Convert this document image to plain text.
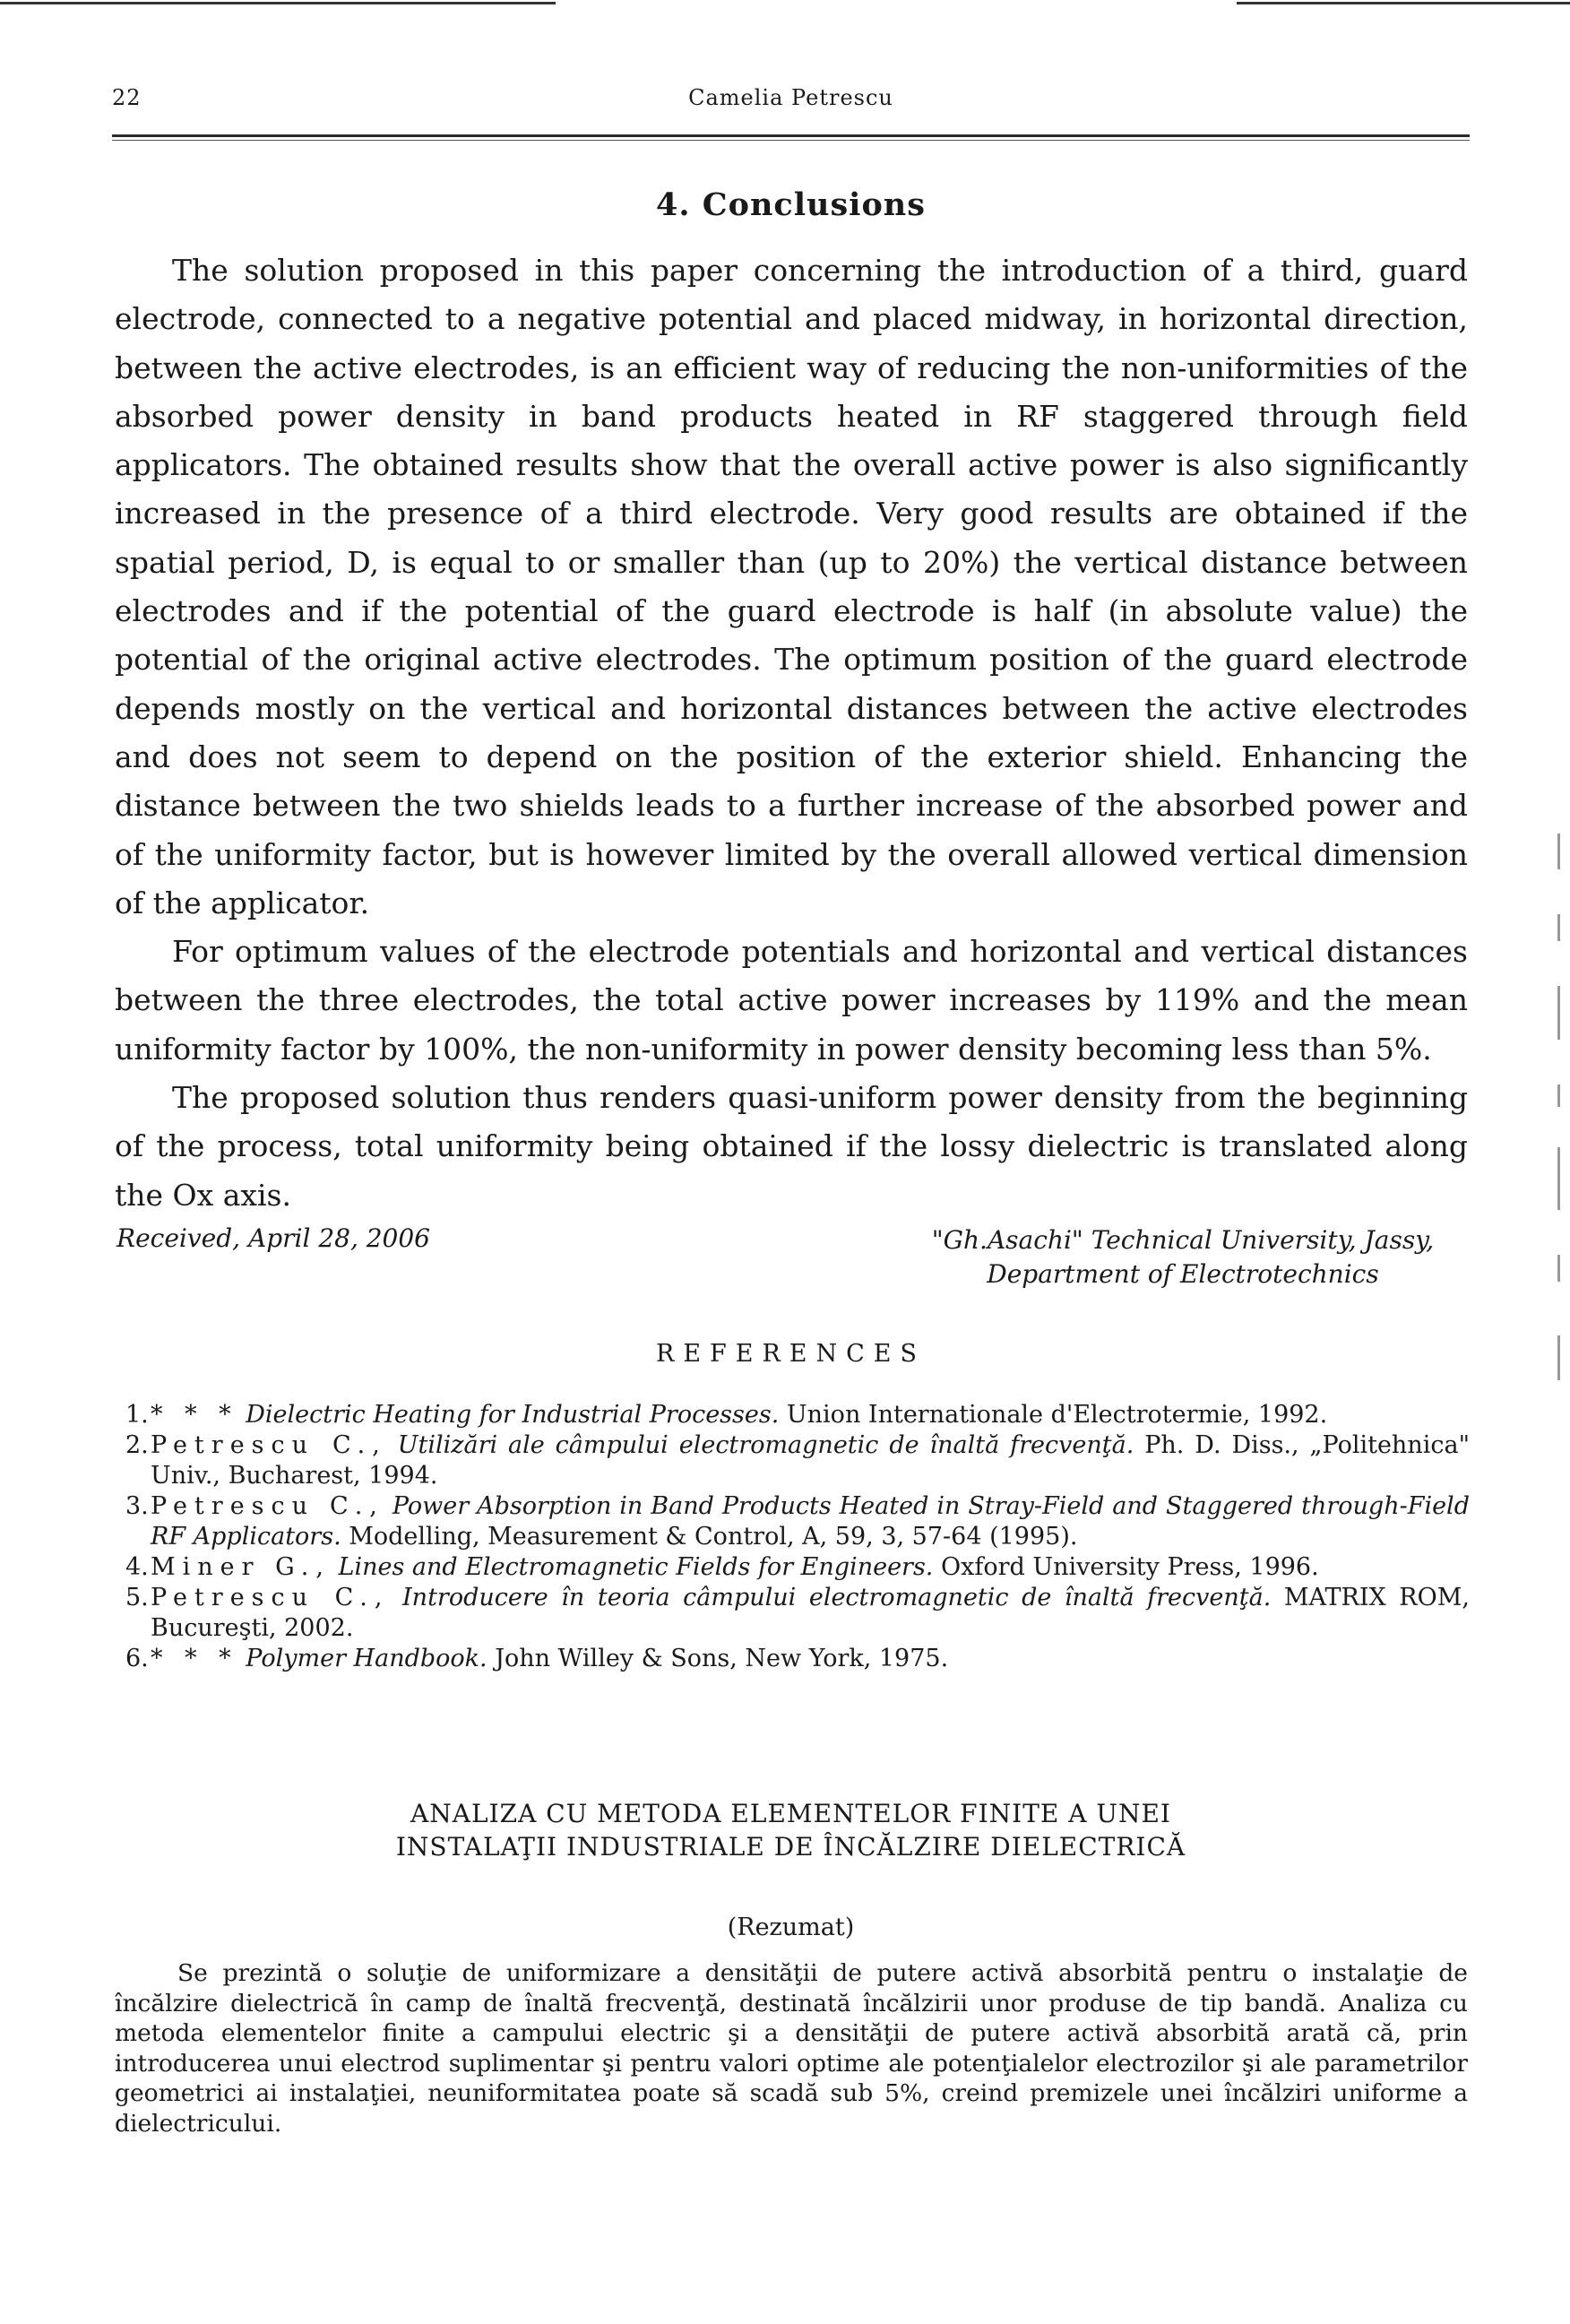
22	Camelia Petrescu
4. Conclusions

The solution proposed in this paper concerning the introduction of a third, guard electrode, connected to a negative potential and placed midway, in horizontal direction, between the active electrodes, is an efficient way of reducing the non-uniformities of the absorbed power density in band products heated in RF staggered through field applicators. The obtained results show that the overall active power is also significantly increased in the presence of a third electrode. Very good results are obtained if the spatial period, D, is equal to or smaller than (up to 20%) the vertical distance between electrodes and if the potential of the guard electrode is half (in absolute value) the potential of the original active electrodes. The optimum position of the guard electrode depends mostly on the vertical and horizontal distances between the active electrodes and does not seem to depend on the position of the exterior shield. Enhancing the distance between the two shields leads to a further increase of the absorbed power and of the uniformity factor, but is however limited by the overall allowed vertical dimension of the applicator.

For optimum values of the electrode potentials and horizontal and vertical distances between the three electrodes, the total active power increases by 119% and the mean uniformity factor by 100%, the non-uniformity in power density becoming less than 5%.

The proposed solution thus renders quasi-uniform power density from the beginning of the process, total uniformity being obtained if the lossy dielectric is translated along the Ox axis.

Received, April 28, 2006	"Gh.Asachi" Technical University, Jassy,
Department of Electrotechnics
REFERENCES
1. * * * Dielectric Heating for Industrial Processes. Union Internationale d'Electrotermie, 1992.
2. Petrescu C., Utilizări ale câmpului electromagnetic de înaltă frecvenţă. Ph. D. Diss., „Politehnica" Univ., Bucharest, 1994.
3. Petrescu C., Power Absorption in Band Products Heated in Stray-Field and Staggered through-Field RF Applicators. Modelling, Measurement & Control, A, 59, 3, 57-64 (1995).
4. Miner G., Lines and Electromagnetic Fields for Engineers. Oxford University Press, 1996.
5. Petrescu C., Introducere în teoria câmpului electromagnetic de înaltă frecvenţă. MATRIX ROM, Bucureşti, 2002.
6. * * * Polymer Handbook. John Willey & Sons, New York, 1975.
ANALIZA CU METODA ELEMENTELOR FINITE A UNEI
INSTALAŢII INDUSTRIALE DE ÎNCĂLZIRE DIELECTRICĂ
(Rezumat)
Se prezintă o soluţie de uniformizare a densităţii de putere activă absorbită pentru o instalaţie de încălzire dielectrică în camp de înaltă frecvenţă, destinată încălzirii unor produse de tip bandă. Analiza cu metoda elementelor finite a campului electric şi a densităţii de putere activă absorbită arată că, prin introducerea unui electrod suplimentar şi pentru valori optime ale potenţialelor electrozilor şi ale parametrilor geometrici ai instalaţiei, neuniformitatea poate să scadă sub 5%, creind premizele unei încălziri uniforme a dielectricului.
